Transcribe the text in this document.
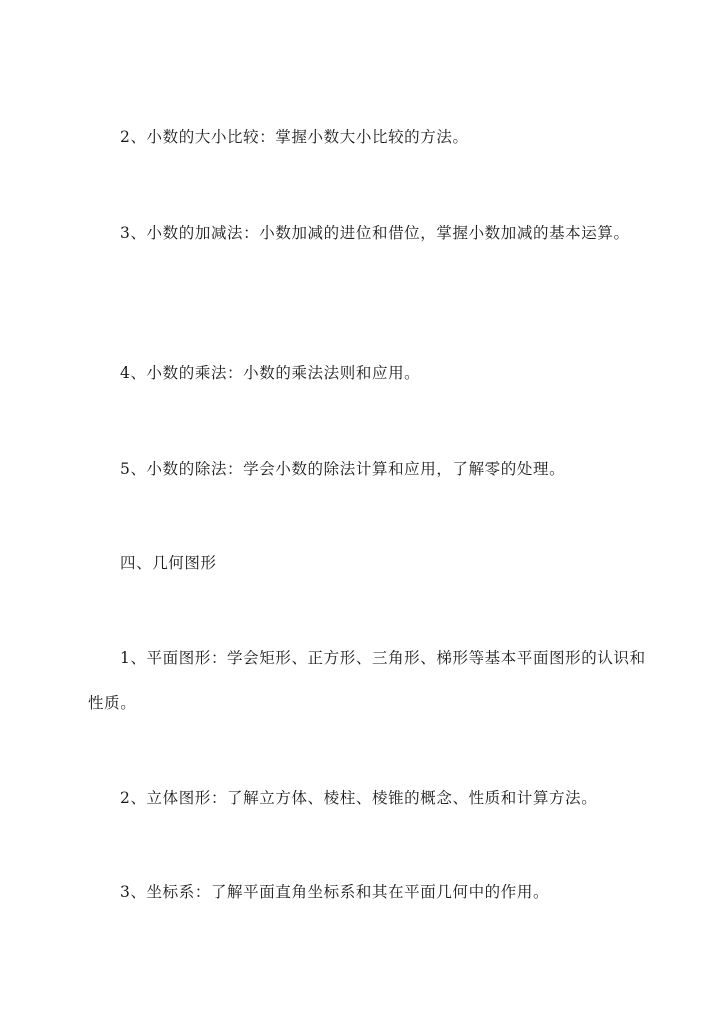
2、小数的大小比较：掌握小数大小比较的方法。

3、小数的加减法：小数加减的进位和借位，掌握小数加减的基本运算。

4、小数的乘法：小数的乘法法则和应用。

5、小数的除法：学会小数的除法计算和应用，了解零的处理。

四、几何图形

1、平面图形：学会矩形、正方形、三角形、梯形等基本平面图形的认识和性质。

2、立体图形：了解立方体、棱柱、棱锥的概念、性质和计算方法。

3、坐标系：了解平面直角坐标系和其在平面几何中的作用。
